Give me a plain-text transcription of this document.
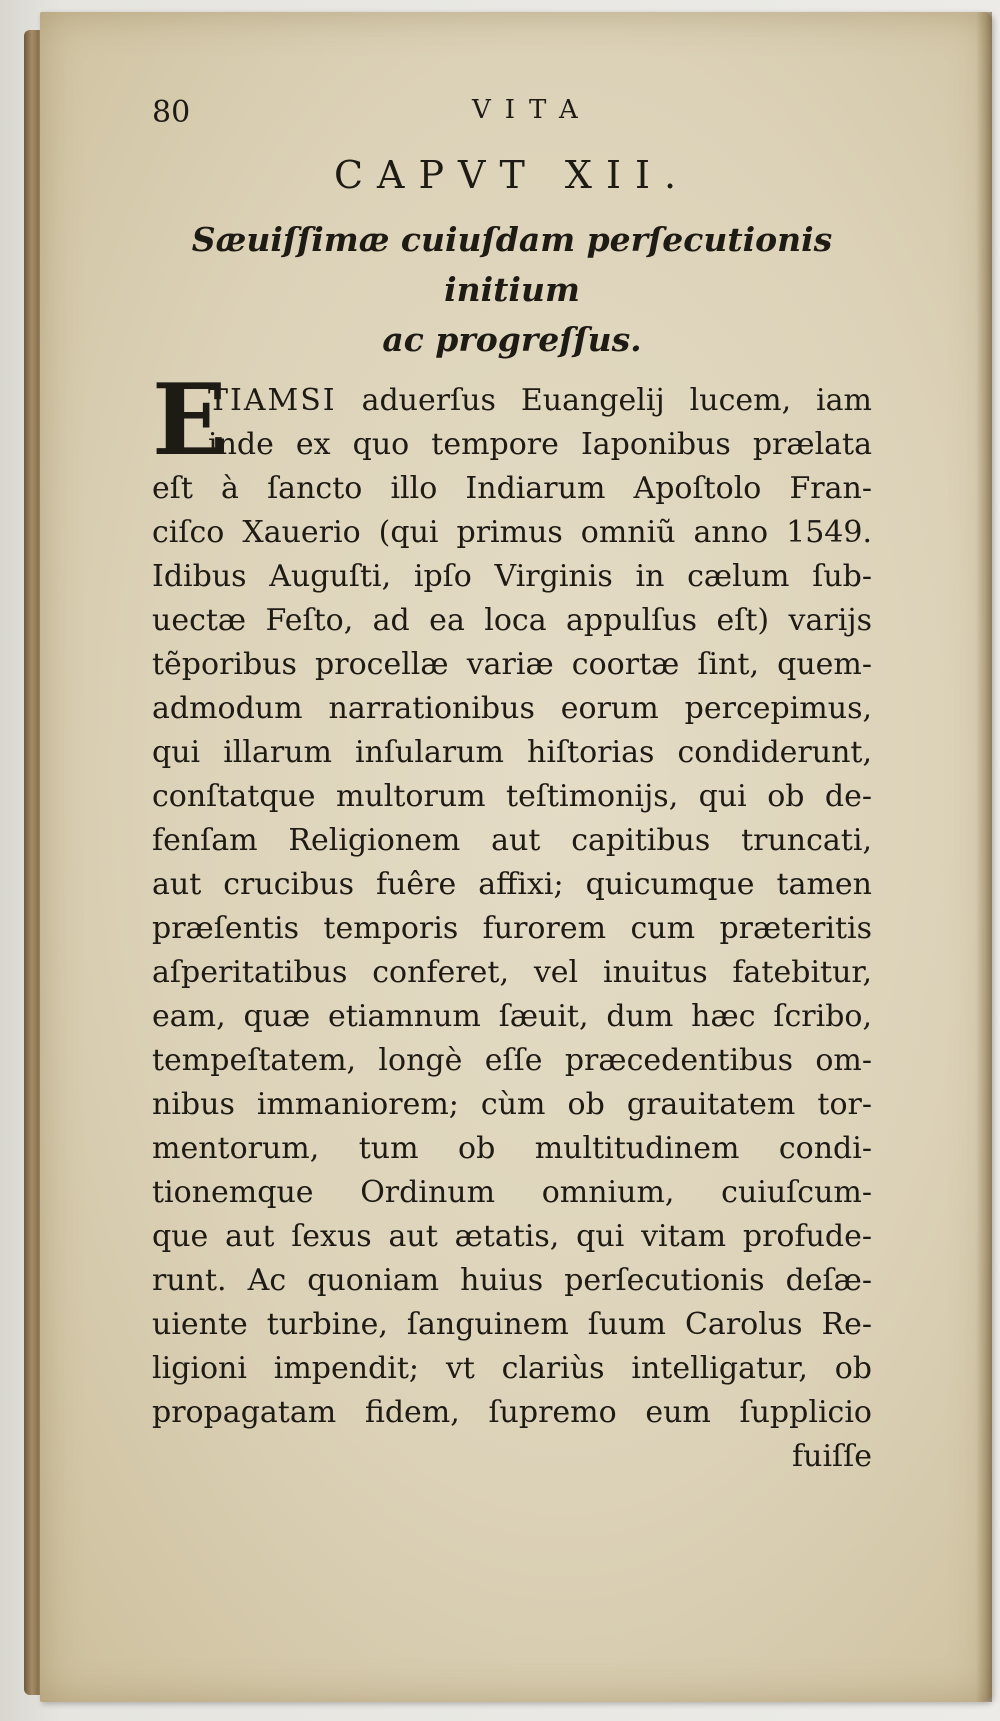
80	VITA
CAPVT XII.
Sæuiſſimæ cuiuſdam perſecutionis initium
ac progreſſus.
E
TIAMSI aduerſus Euangelij lucem, iam
inde ex quo tempore Iaponibus prælata
eſt à ſancto illo Indiarum Apoſtolo Fran-
ciſco Xauerio (qui primus omniũ anno 1549.
Idibus Auguſti, ipſo Virginis in cælum ſub-
uectæ Feſto, ad ea loca appulſus eſt) varijs
tẽporibus procellæ variæ coortæ ſint, quem-
admodum narrationibus eorum percepimus,
qui illarum inſularum hiſtorias condiderunt,
conſtatque multorum teſtimonijs, qui ob de-
fenſam Religionem aut capitibus truncati,
aut crucibus fuêre affixi; quicumque tamen
præſentis temporis furorem cum præteritis
aſperitatibus conferet, vel inuitus fatebitur,
eam, quæ etiamnum ſæuit, dum hæc ſcribo,
tempeſtatem, longè eſſe præcedentibus om-
nibus immaniorem; cùm ob grauitatem tor-
mentorum, tum ob multitudinem condi-
tionemque Ordinum omnium, cuiuſcum-
que aut ſexus aut ætatis, qui vitam profude-
runt. Ac quoniam huius perſecutionis deſæ-
uiente turbine, ſanguinem ſuum Carolus Re-
ligioni impendit; vt clariùs intelligatur, ob
propagatam fidem, ſupremo eum ſupplicio
fuiſſe
